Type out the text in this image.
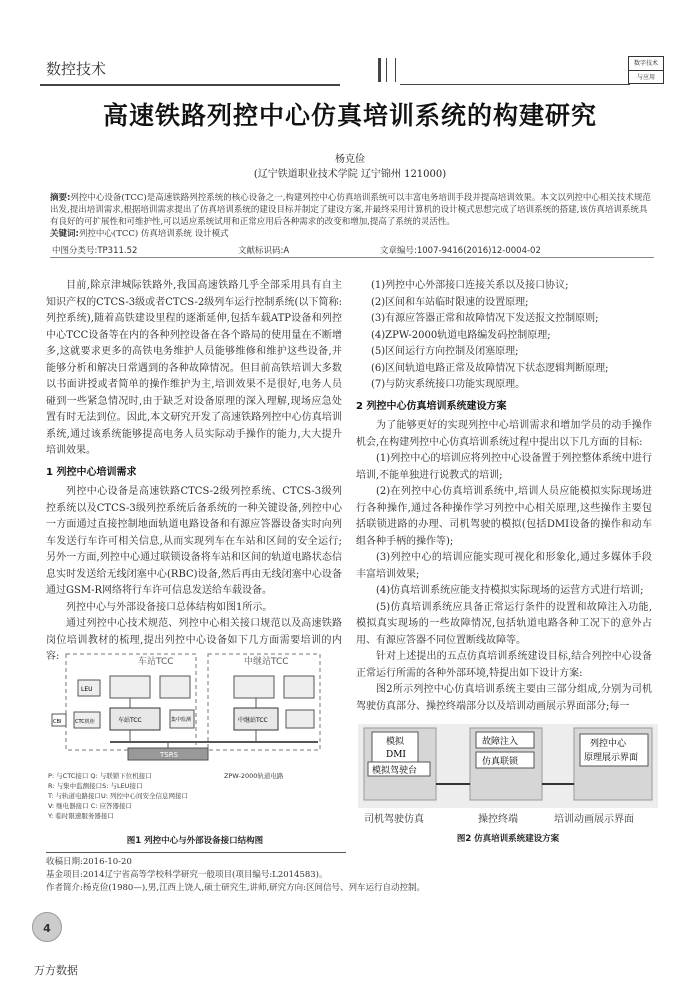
数控技术	数字技术
与应用
高速铁路列控中心仿真培训系统的构建研究
杨克俭
(辽宁铁道职业技术学院 辽宁锦州 121000)
摘要:列控中心设备(TCC)是高速铁路列控系统的核心设备之一,构建列控中心仿真培训系统可以丰富电务培训手段并提高培训效果。本文以列控中心相关技术规范出发,提出培训需求,根据培训需求提出了仿真培训系统的建设目标并制定了建设方案,并最终采用计算机的设计模式思想完成了培训系统的搭建,该仿真培训系统具有良好的可扩展性和可维护性,可以适应系统试用和正常应用后各种需求的改变和增加,提高了系统的灵活性。
关键词:列控中心(TCC) 仿真培训系统 设计模式
中图分类号:TP311.52	文献标识码:A	文章编号:1007-9416(2016)12-0004-02

目前,除京津城际铁路外,我国高速铁路几乎全部采用具有自主知识产权的CTCS-3级或者CTCS-2级列车运行控制系统(以下简称:列控系统),随着高铁建设里程的逐渐延伸,包括车载ATP设备和列控中心TCC设备等在内的各种列控设备在各个路局的使用量在不断增多,这就要求更多的高铁电务维护人员能够维修和维护这些设备,并能够分析和解决日常遇到的各种故障情况。但目前高铁培训大多数以书面讲授或者简单的操作维护为主,培训效果不是很好,电务人员碰到一些紧急情况时,由于缺乏对设备原理的深入理解,现场应急处置有时无法到位。因此,本文研究开发了高速铁路列控中心仿真培训系统,通过该系统能够提高电务人员实际动手操作的能力,大大提升培训效果。

1 列控中心培训需求

列控中心设备是高速铁路CTCS-2级列控系统、CTCS-3级列控系统以及CTCS-3级列控系统后备系统的一种关键设备,列控中心一方面通过直接控制地面轨道电路设备和有源应答器设备实时向列车发送行车许可相关信息,从而实现列车在车站和区间的安全运行;另外一方面,列控中心通过联锁设备将车站和区间的轨道电路状态信息实时发送给无线闭塞中心(RBC)设备,然后再由无线闭塞中心设备通过GSM-R网络将行车许可信息发送给车载设备。

列控中心与外部设备接口总体结构如图1所示。

通过列控中心技术规范、列控中心相关接口规范以及高速铁路岗位培训教材的梳理,提出列控中心设备如下几方面需要培训的内容:

(1)列控中心外部接口连接关系以及接口协议;
(2)区间和车站临时限速的设置原理;
(3)有源应答器正常和故障情况下发送报文控制原则;
(4)ZPW-2000轨道电路编发码控制原理;
(5)区间运行方向控制及闭塞原理;
(6)区间轨道电路正常及故障情况下状态逻辑判断原理;
(7)与防灾系统接口功能实现原理。
2 列控中心仿真培训系统建设方案

为了能够更好的实现列控中心培训需求和增加学员的动手操作机会,在构建列控中心仿真培训系统过程中提出以下几方面的目标:

(1)列控中心的培训应将列控中心设备置于列控整体系统中进行培训,不能单独进行说教式的培训;

(2)在列控中心仿真培训系统中,培训人员应能模拟实际现场进行各种操作,通过各种操作学习列控中心相关原理,这些操作主要包括联锁进路的办理、司机驾驶的模拟(包括DMI设备的操作和动车组各种手柄的操作等);

(3)列控中心的培训应能实现可视化和形象化,通过多媒体手段丰富培训效果;

(4)仿真培训系统应能支持模拟实际现场的运营方式进行培训;

(5)仿真培训系统应具备正常运行条件的设置和故障注入功能,模拟真实现场的一些故障情况,包括轨道电路各种工况下的意外占用、有源应答器不同位置断线故障等。

针对上述提出的五点仿真培训系统建设目标,结合列控中心设备正常运行所需的各种外部环境,特提出如下设计方案:

图2所示列控中心仿真培训系统主要由三部分组成,分别为司机驾驶仿真部分、操控终端部分以及培训动画展示界面部分;每一

车站TCC	中继站TCC
LEU
CBI	CTC机柜	车站TCC	集中监测	中继站TCC
TSRS
P: 与CTC接口 Q: 与联锁下位机接口
R: 与集中监测接口S: 与LEU接口
T: 与轨道电路接口U: 列控中心间安全信息网接口
V: 继电器接口 C: 应答器接口
Y: 临时限速服务器接口
ZPW-2000轨道电路
图1 列控中心与外部设备接口结构图
模拟
DMI
模拟驾驶台
故障注入
仿真联锁
列控中心
原理展示界面
司机驾驶仿真	操控终端	培训动画展示界面
图2 仿真培训系统建设方案
收稿日期:2016-10-20
基金项目:2014辽宁省高等学校科学研究一般项目(项目编号:L2014583)。
作者简介:杨克俭(1980—),男,江西上饶人,硕士研究生,讲师,研究方向:区间信号、列车运行自动控制。
4
万方数据
